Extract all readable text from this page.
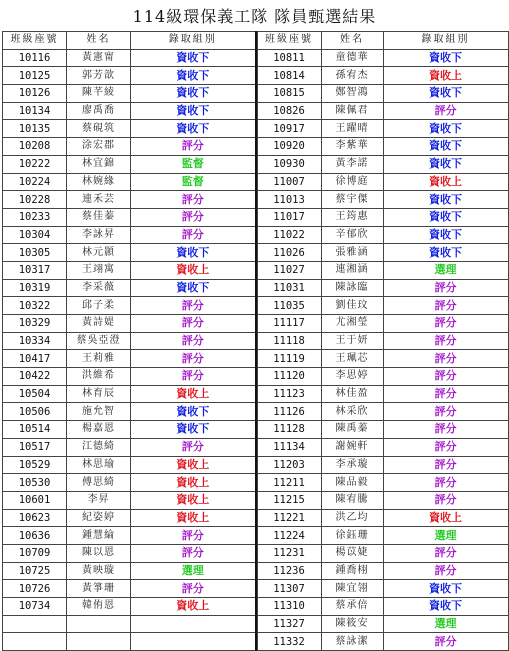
114級環保義工隊 隊員甄選結果
班級座號	姓名	錄取組別
10116	黃憲甯	資收下
10125	郭芳歆	資收下
10126	陳芊綾	資收下
10134	廖禹喬	資收下
10135	蔡硯筑	資收下
10208	涂宏郡	評分
10222	林宜錦	監督
10224	林婉緣	監督
10228	連禾芸	評分
10233	蔡佳蓁	評分
10304	李詠昇	評分
10305	林元顥	資收下
10317	王翊寓	資收上
10319	李采薇	資收下
10322	邱子柔	評分
10329	黃詩媞	評分
10334	蔡吳亞澄	評分
10417	王莉雅	評分
10422	洪維希	評分
10504	林育辰	資收上
10506	施允智	資收下
10514	楊嘉恩	資收下
10517	江德綺	評分
10529	林思瑜	資收上
10530	傅思綺	資收上
10601	李昇	資收上
10623	紀姿婷	資收上
10636	鍾慧綸	評分
10709	陳以恩	評分
10725	黃映璇	選理
10726	黃箏珊	評分
10734	韓侑恩	資收上

班級座號	姓名	錄取組別
10811	童德華	資收下
10814	孫宥杰	資收上
10815	鄭智鴻	資收下
10826	陳佩君	評分
10917	王躍晴	資收下
10920	李紫華	資收下
10930	黃李諾	資收下
11007	徐博庭	資收上
11013	蔡宇傑	資收下
11017	王筠惠	資收下
11022	辛郁欣	資收下
11026	張雅涵	資收下
11027	連湘涵	選理
11031	陳詠臨	評分
11035	劉佳玟	評分
11117	尤湘瑩	評分
11118	王于妍	評分
11119	王珮芯	評分
11120	李思婷	評分
11123	林佳盈	評分
11126	林采欣	評分
11128	陳禹蓁	評分
11134	謝婉軒	評分
11203	李承璇	評分
11211	陳品毅	評分
11215	陳宥騰	評分
11221	洪乙均	資收上
11224	徐鈺珊	選理
11231	楊苡婕	評分
11236	鍾喬栩	評分
11307	陳宜翎	資收下
11310	蔡承倍	資收下
11327	陳筱安	選理
11332	蔡詠潔	評分
